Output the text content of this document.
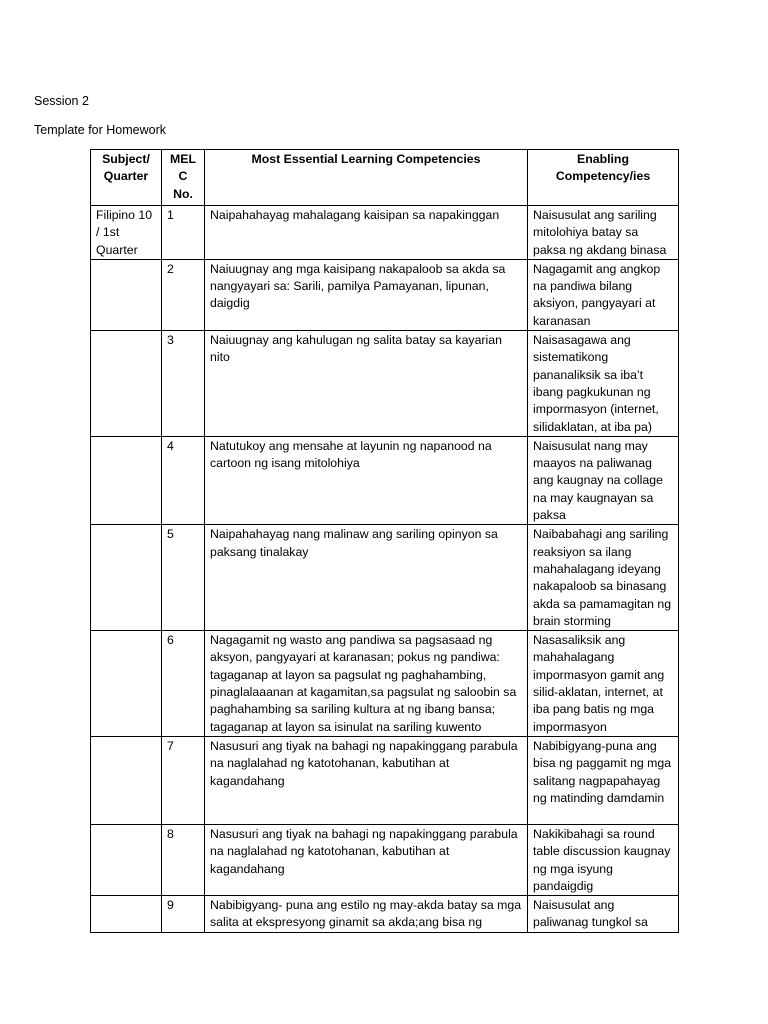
Session 2
Template for Homework
Subject/ Quarter	MEL C No.	Most Essential Learning Competencies	Enabling Competency/ies
Filipino 10 / 1st Quarter	1	Naipahahayag mahalagang kaisipan sa napakinggan	Naisusulat ang sariling mitolohiya batay sa paksa ng akdang binasa
	2	Naiuugnay ang mga kaisipang nakapaloob sa akda sa nangyayari sa: Sarili, pamilya Pamayanan, lipunan, daigdig	Nagagamit ang angkop na pandiwa bilang aksiyon, pangyayari at karanasan
	3	Naiuugnay ang kahulugan ng salita batay sa kayarian nito	Naisasagawa ang sistematikong pananaliksik sa iba’t ibang pagkukunan ng impormasyon (internet, silidaklatan, at iba pa)
	4	Natutukoy ang mensahe at layunin ng napanood na cartoon ng isang mitolohiya	Naisusulat nang may maayos na paliwanag ang kaugnay na collage na may kaugnayan sa paksa
	5	Naipahahayag nang malinaw ang sariling opinyon sa paksang tinalakay	Naibabahagi ang sariling reaksiyon sa ilang mahahalagang ideyang nakapaloob sa binasang akda sa pamamagitan ng brain storming
	6	Nagagamit ng wasto ang pandiwa sa pagsasaad ng aksyon, pangyayari at karanasan; pokus ng pandiwa: tagaganap at layon sa pagsulat ng paghahambing, pinaglalaaanan at kagamitan,sa pagsulat ng saloobin sa paghahambing sa sariling kultura at ng ibang bansa; tagaganap at layon sa isinulat na sariling kuwento	Nasasaliksik ang mahahalagang impormasyon gamit ang silid-aklatan, internet, at iba pang batis ng mga impormasyon
	7	Nasusuri ang tiyak na bahagi ng napakinggang parabula na naglalahad ng katotohanan, kabutihan at kagandahang	Nabibigyang-puna ang bisa ng paggamit ng mga salitang nagpapahayag ng matinding damdamin
	8	Nasusuri ang tiyak na bahagi ng napakinggang parabula na naglalahad ng katotohanan, kabutihan at kagandahang	Nakikibahagi sa round table discussion kaugnay ng mga isyung pandaigdig
	9	Nabibigyang- puna ang estilo ng may-akda batay sa mga salita at ekspresyong ginamit sa akda;ang bisa ng	Naisusulat ang paliwanag tungkol sa
